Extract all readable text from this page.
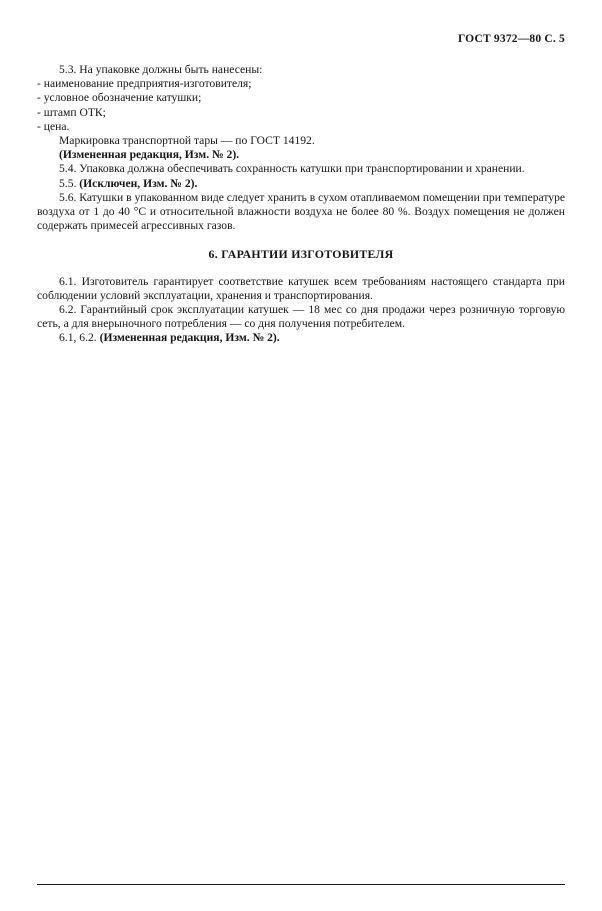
ГОСТ 9372—80 С. 5

5.3. На упаковке должны быть нанесены:

- наименование предприятия-изготовителя;

- условное обозначение катушки;

- штамп ОТК;

- цена.

Маркировка транспортной тары — по ГОСТ 14192.

(Измененная редакция, Изм. № 2).

5.4. Упаковка должна обеспечивать сохранность катушки при транспортировании и хранении.

5.5. (Исключен, Изм. № 2).

5.6. Катушки в упакованном виде следует хранить в сухом отапливаемом помещении при температуре воздуха от 1 до 40 °С и относительной влажности воздуха не более 80 %. Воздух помещения не должен содержать примесей агрессивных газов.

6. ГАРАНТИИ ИЗГОТОВИТЕЛЯ

6.1. Изготовитель гарантирует соответствие катушек всем требованиям настоящего стандарта при соблюдении условий эксплуатации, хранения и транспортирования.

6.2. Гарантийный срок эксплуатации катушек — 18 мес со дня продажи через розничную торговую сеть, а для внерыночного потребления — со дня получения потребителем.

6.1, 6.2. (Измененная редакция, Изм. № 2).
